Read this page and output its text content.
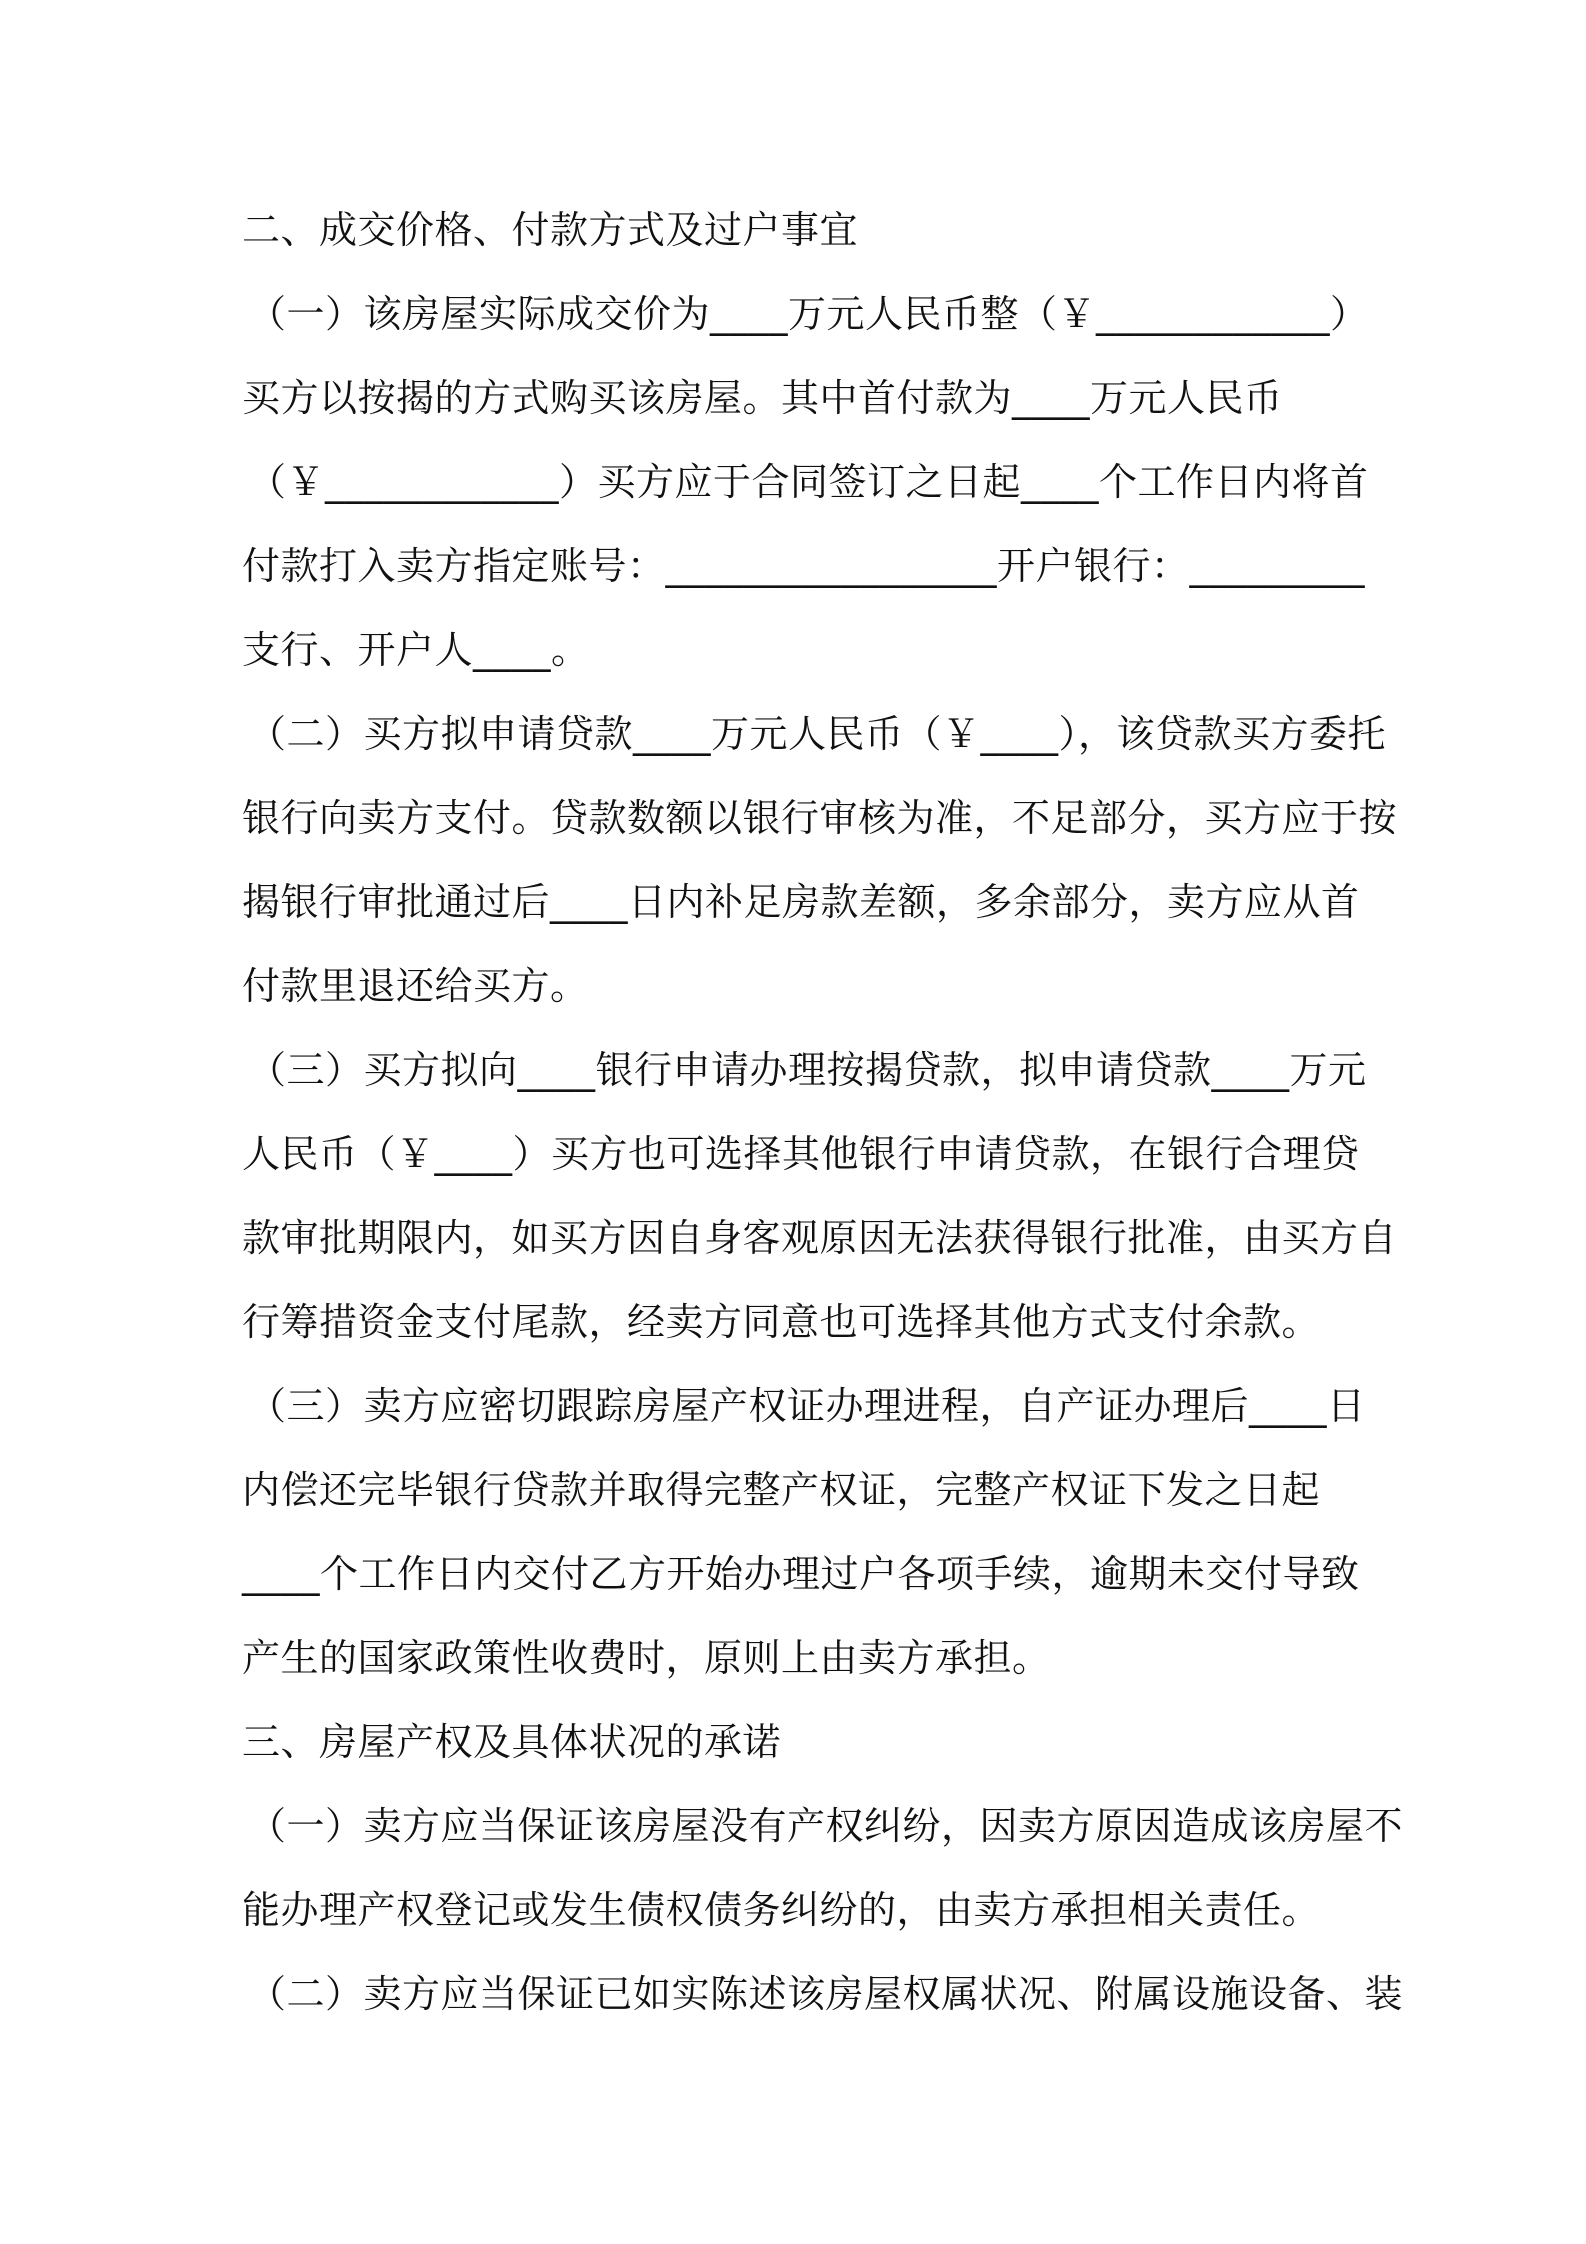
二、成交价格、付款方式及过户事宜
（一）该房屋实际成交价为____万元人民币整（￥____________）
买方以按揭的方式购买该房屋。其中首付款为____万元人民币
（￥____________）买方应于合同签订之日起____个工作日内将首
付款打入卖方指定账号：_________________开户银行：_________
支行、开户人____。
（二）买方拟申请贷款____万元人民币（￥____），该贷款买方委托
银行向卖方支付。贷款数额以银行审核为准，不足部分，买方应于按
揭银行审批通过后____日内补足房款差额，多余部分，卖方应从首
付款里退还给买方。
（三）买方拟向____银行申请办理按揭贷款，拟申请贷款____万元
人民币（￥____）买方也可选择其他银行申请贷款，在银行合理贷
款审批期限内，如买方因自身客观原因无法获得银行批准，由买方自
行筹措资金支付尾款，经卖方同意也可选择其他方式支付余款。
（三）卖方应密切跟踪房屋产权证办理进程，自产证办理后____日
内偿还完毕银行贷款并取得完整产权证，完整产权证下发之日起
____个工作日内交付乙方开始办理过户各项手续，逾期未交付导致
产生的国家政策性收费时，原则上由卖方承担。
三、房屋产权及具体状况的承诺
（一）卖方应当保证该房屋没有产权纠纷，因卖方原因造成该房屋不
能办理产权登记或发生债权债务纠纷的，由卖方承担相关责任。
（二）卖方应当保证已如实陈述该房屋权属状况、附属设施设备、装
